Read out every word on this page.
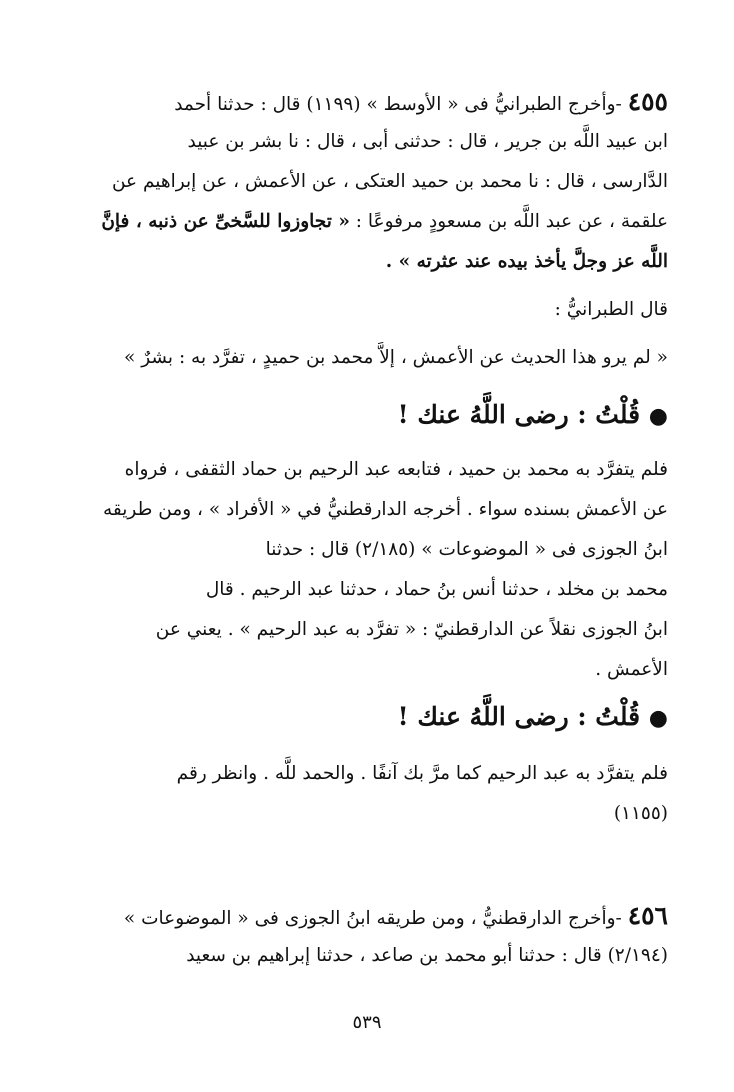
٤٥٥ -وأخرج الطبرانيُّ فى « الأوسط » (١١٩٩) قال : حدثنا أحمد
ابن عبيد اللَّه بن جرير ، قال : حدثنى أبى ، قال : نا بشر بن عبيد
الدَّارسى ، قال : نا محمد بن حميد العتكى ، عن الأعمش ، عن إبراهيم عن
علقمة ، عن عبد اللَّه بن مسعودٍ مرفوعًا : « تجاوزوا للسَّخىِّ عن ذنبه ، فإنَّ
اللَّه عز وجلَّ يأخذ بيده عند عثرته » .
قال الطبرانيُّ :
« لم يرو هذا الحديث عن الأعمش ، إلاَّ محمد بن حميدٍ ، تفرَّد به : بشرٌ »
● قُلْتُ : رضى اللَّهُ عنك !
فلم يتفرَّد به محمد بن حميد ، فتابعه عبد الرحيم بن حماد الثقفى ، فرواه
عن الأعمش بسنده سواء . أخرجه الدارقطنيُّ في « الأفراد » ، ومن طريقه
ابنُ الجوزى فى « الموضوعات » (٢/١٨٥) قال : حدثنا
محمد بن مخلد ، حدثنا أنس بنُ حماد ، حدثنا عبد الرحيم . قال
ابنُ الجوزى نقلاً عن الدارقطنيّ : « تفرَّد به عبد الرحيم » . يعني عن
الأعمش .
● قُلْتُ : رضى اللَّهُ عنك !
فلم يتفرَّد به عبد الرحيم كما مرَّ بك آنفًا . والحمد للَّه . وانظر رقم
(١١٥٥)
٤٥٦ -وأخرج الدارقطنيُّ ، ومن طريقه ابنُ الجوزى فى « الموضوعات »
(٢/١٩٤) قال : حدثنا أبو محمد بن صاعد ، حدثنا إبراهيم بن سعيد
٥٣٩
